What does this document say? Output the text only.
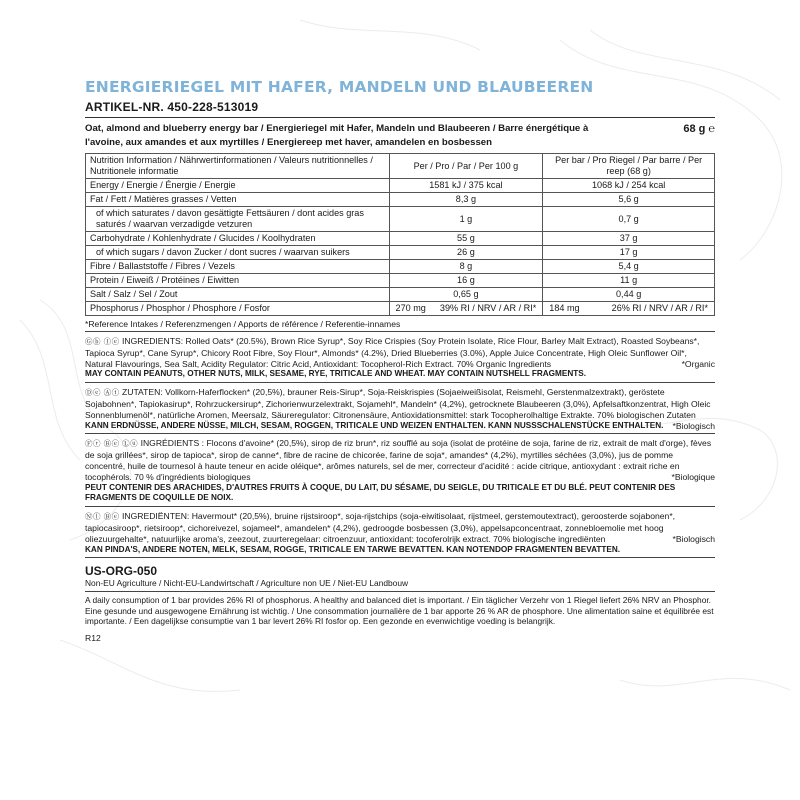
ENERGIERIEGEL MIT HAFER, MANDELN UND BLAUBEEREN
ARTIKEL-NR. 450-228-513019
Oat, almond and blueberry energy bar / Energieriegel mit Hafer, Mandeln und Blaubeeren / Barre énergétique à l'avoine, aux amandes et aux myrtilles / Energiereep met haver, amandelen en bosbessen
68 g ℮
Nutrition Information / Nährwertinformationen / Valeurs nutritionnelles / Nutritionele informatie	Per / Pro / Par / Per 100 g	Per bar / Pro Riegel / Par barre / Per reep (68 g)
Energy / Energie / Énergie / Energie	1581 kJ / 375 kcal	1068 kJ / 254 kcal
Fat / Fett / Matières grasses / Vetten	8,3 g	5,6 g
of which saturates / davon gesättigte Fettsäuren / dont acides gras saturés / waarvan verzadigde vetzuren	1 g	0,7 g
Carbohydrate / Kohlenhydrate / Glucides / Koolhydraten	55 g	37 g
of which sugars / davon Zucker / dont sucres / waarvan suikers	26 g	17 g
Fibre / Ballaststoffe / Fibres / Vezels	8 g	5,4 g
Protein / Eiweiß / Protéines / Eiwitten	16 g	11 g
Salt / Salz / Sel / Zout	0,65 g	0,44 g
Phosphorus / Phosphor / Phosphore / Fosfor	270 mg 39% RI / NRV / AR / RI*	184 mg 26% RI / NRV / AR / RI*
*Reference Intakes / Referenzmengen / Apports de référence / Referentie-innames
Ⓖⓑ Ⓘⓔ INGREDIENTS: Rolled Oats* (20.5%), Brown Rice Syrup*, Soy Rice Crispies (Soy Protein Isolate, Rice Flour, Barley Malt Extract), Roasted Soybeans*, Tapioca Syrup*, Cane Syrup*, Chicory Root Fibre, Soy Flour*, Almonds* (4.2%), Dried Blueberries (3.0%), Apple Juice Concentrate, High Oleic Sunflower Oil*, Natural Flavourings, Sea Salt, Acidity Regulator: Citric Acid, Antioxidant: Tocopherol-Rich Extract. 70% Organic Ingredients	*Organic
MAY CONTAIN PEANUTS, OTHER NUTS, MILK, SESAME, RYE, TRITICALE AND WHEAT. MAY CONTAIN NUTSHELL FRAGMENTS.
Ⓓⓔ Ⓐⓣ ZUTATEN: Vollkorn-Haferflocken* (20,5%), brauner Reis-Sirup*, Soja-Reiskrispies (Sojaeiweißisolat, Reismehl, Gerstenmalzextrakt), geröstete Sojabohnen*, Tapiokasirup*, Rohrzuckersirup*, Zichorienwurzelextrakt, Sojamehl*, Mandeln* (4,2%), getrocknete Blaubeeren (3,0%), Apfelsaftkonzentrat, High Oleic Sonnenblumenöl*, natürliche Aromen, Meersalz, Säureregulator: Citronensäure, Antioxidationsmittel: stark Tocopherolhaltige Extrakte. 70% biologischen Zutaten
*Biologisch
KANN ERDNÜSSE, ANDERE NÜSSE, MILCH, SESAM, ROGGEN, TRITICALE UND WEIZEN ENTHALTEN. KANN NUSSSCHALENSTÜCKE ENTHALTEN.
Ⓕⓡ Ⓑⓔ Ⓛⓤ INGRÉDIENTS : Flocons d'avoine* (20,5%), sirop de riz brun*, riz soufflé au soja (isolat de protéine de soja, farine de riz, extrait de malt d'orge), fèves de soja grillées*, sirop de tapioca*, sirop de canne*, fibre de racine de chicorée, farine de soja*, amandes* (4,2%), myrtilles séchées (3,0%), jus de pomme concentré, huile de tournesol à haute teneur en acide oléique*, arômes naturels, sel de mer, correcteur d'acidité : acide citrique, antioxydant : extrait riche en tocophérols. 70 % d'ingrédients biologiques	*Biologique
PEUT CONTENIR DES ARACHIDES, D'AUTRES FRUITS À COQUE, DU LAIT, DU SÉSAME, DU SEIGLE, DU TRITICALE ET DU BLÉ. PEUT CONTENIR DES FRAGMENTS DE COQUILLE DE NOIX.
Ⓝⓛ Ⓑⓔ INGREDIËNTEN: Havermout* (20,5%), bruine rijstsiroop*, soja-rijstchips (soja-eiwitisolaat, rijstmeel, gerstemoutextract), geroosterde sojabonen*, tapiocasiroop*, rietsiroop*, cichoreivezel, sojameel*, amandelen* (4,2%), gedroogde bosbessen (3,0%), appelsapconcentraat, zonnebloemolie met hoog oliezuurgehalte*, natuurlijke aroma's, zeezout, zuurteregelaar: citroenzuur, antioxidant: tocoferolrijk extract. 70% biologische ingrediënten	*Biologisch
KAN PINDA'S, ANDERE NOTEN, MELK, SESAM, ROGGE, TRITICALE EN TARWE BEVATTEN. KAN NOTENDOP FRAGMENTEN BEVATTEN.
US-ORG-050
Non-EU Agriculture / Nicht-EU-Landwirtschaft / Agriculture non UE / Niet-EU Landbouw
A daily consumption of 1 bar provides 26% RI of phosphorus. A healthy and balanced diet is important. / Ein täglicher Verzehr von 1 Riegel liefert 26% NRV an Phosphor. Eine gesunde und ausgewogene Ernährung ist wichtig. / Une consommation journalière de 1 bar apporte 26 % AR de phosphore. Une alimentation saine et équilibrée est importante. / Een dagelijkse consumptie van 1 bar levert 26% RI fosfor op. Een gezonde en evenwichtige voeding is belangrijk.
R12
